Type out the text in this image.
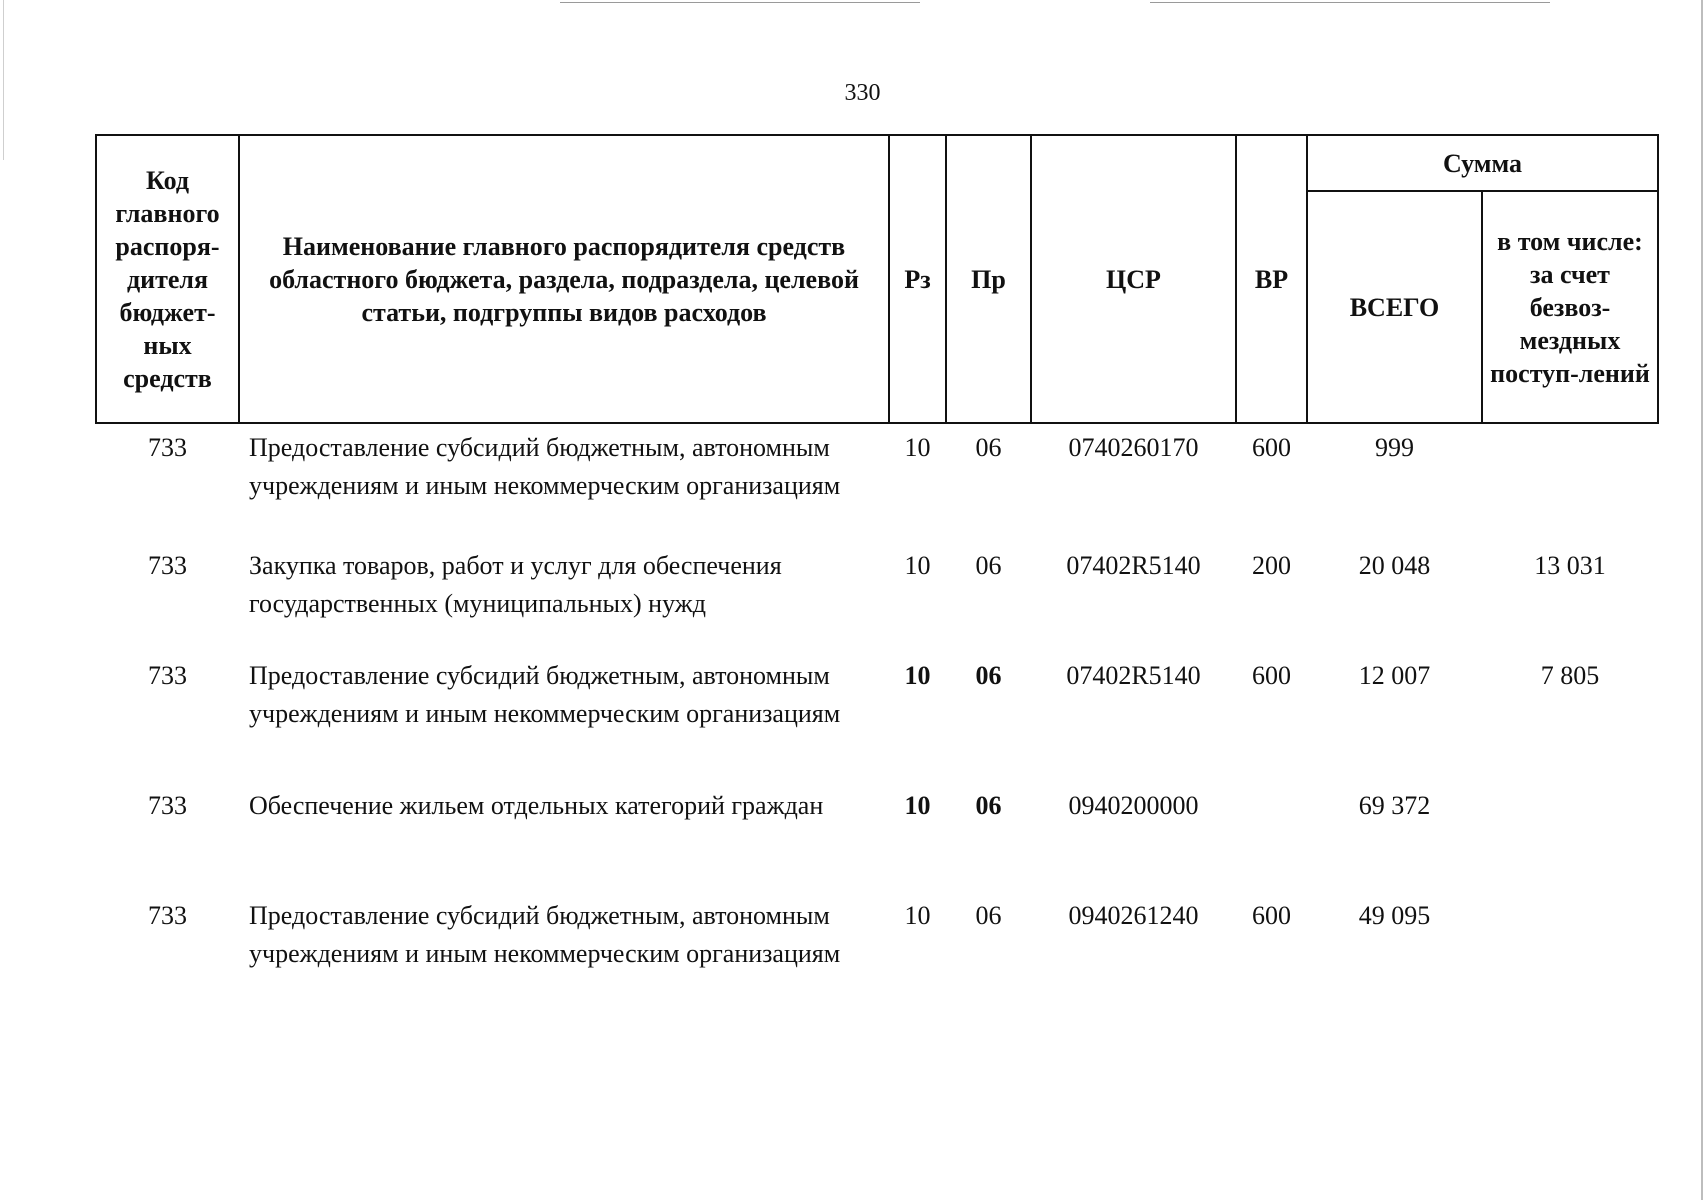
330
Код главного распоря-дителя бюджет-ных средств	Наименование главного распорядителя средств областного бюджета, раздела, подраздела, целевой статьи, подгруппы видов расходов	Рз	Пр	ЦСР	ВР	Сумма	
						ВСЕГО	в том числе: за счет безвоз-мездных поступ-лений
733	Предоставление субсидий бюджетным, автономным учреждениям и иным некоммерческим организациям	10	06	0740260170	600	999	
733	Закупка товаров, работ и услуг для обеспечения государственных (муниципальных) нужд	10	06	07402R5140	200	20 048	13 031
733	Предоставление субсидий бюджетным, автономным учреждениям и иным некоммерческим организациям	10	06	07402R5140	600	12 007	7 805
733	Обеспечение жильем отдельных категорий граждан	10	06	0940200000		69 372	
733	Предоставление субсидий бюджетным, автономным учреждениям и иным некоммерческим организациям	10	06	0940261240	600	49 095	
